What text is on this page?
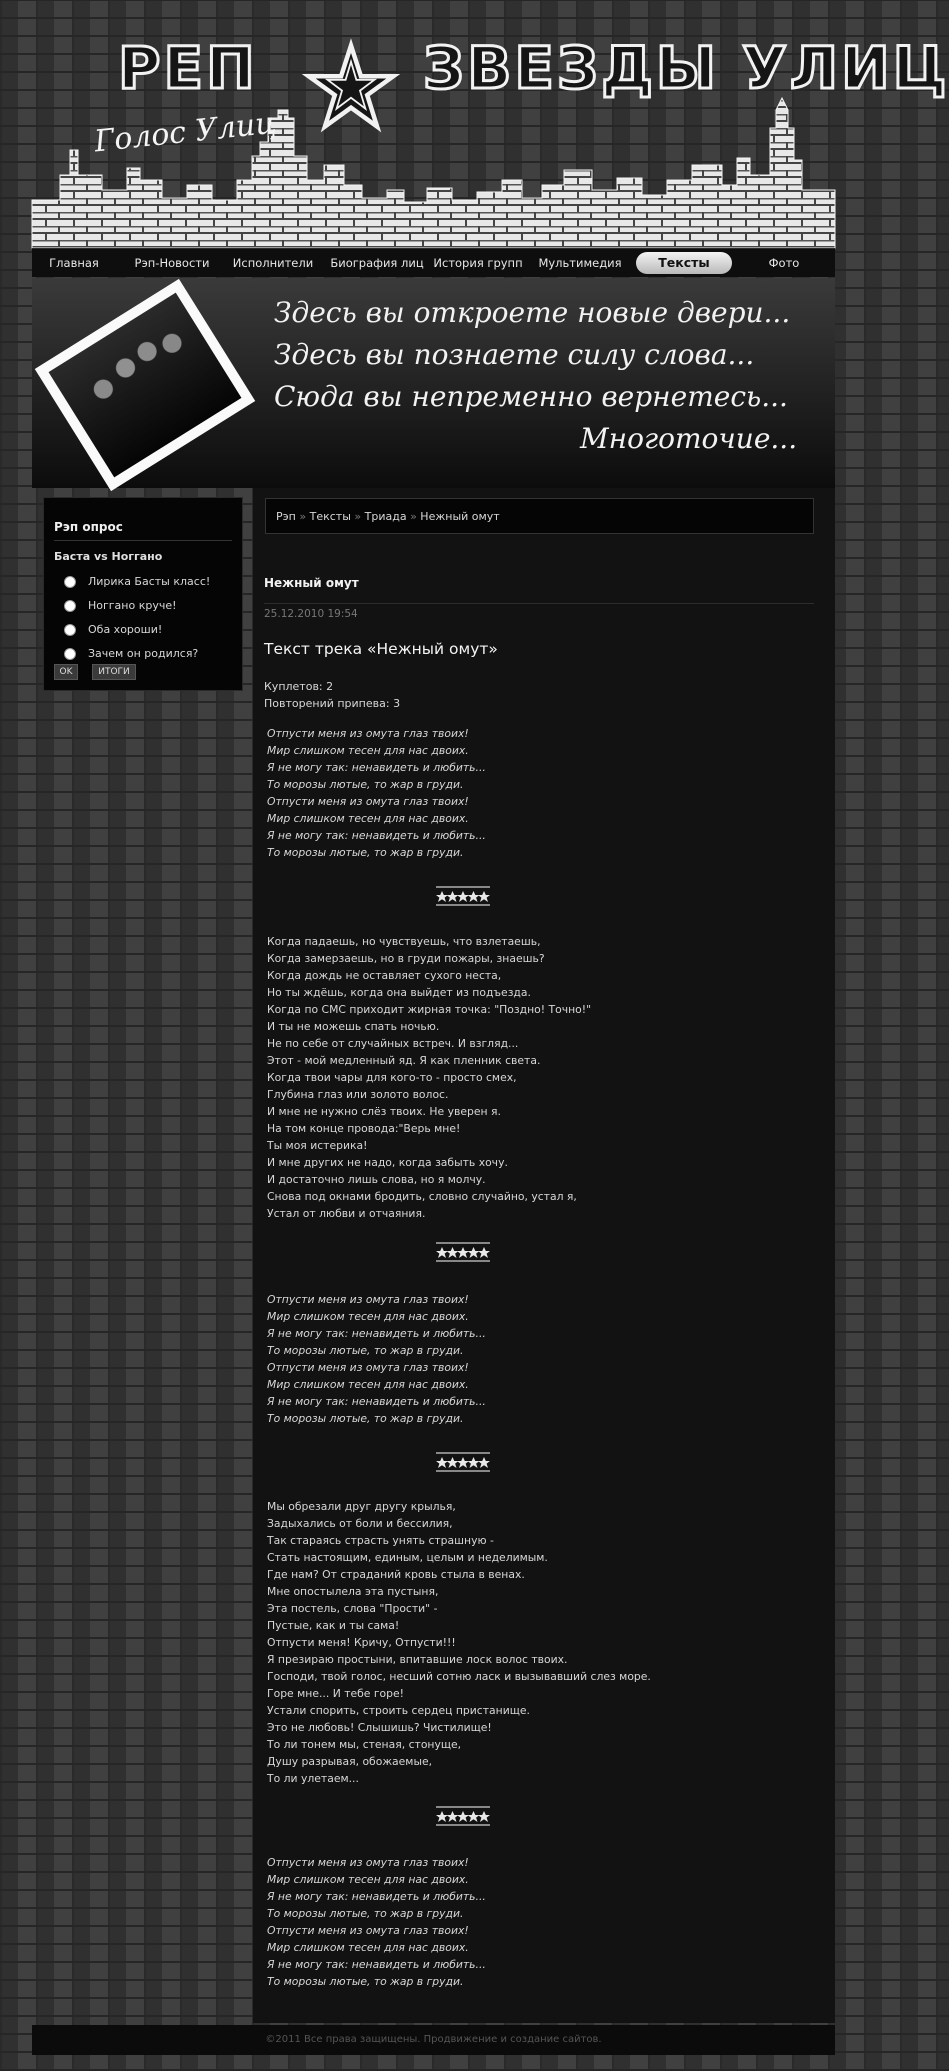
РЕП	ЗВЕЗДЫ УЛИЦ
Голос Улиц
Главная	Рэп-Новости	Исполнители	Биография лиц История групп	Мультимедия	Тексты	Фото
Здесь вы откроете новые двери...
Здесь вы познаете силу слова...
Сюда вы непременно вернетесь...
Многоточие...
Рэп опрос
Баста vs Ноггано
Лирика Басты класс!
Ноггано круче!
Оба хороши!
Зачем он родился?
OK	ИТОГИ
Рэп » Тексты » Триада » Нежный омут
Нежный омут
25.12.2010 19:54
Текст трека «Нежный омут»
Куплетов: 2
Повторений припева: 3
Отпусти меня из омута глаз твоих!
Мир слишком тесен для нас двоих.
Я не могу так: ненавидеть и любить...
То морозы лютые, то жар в груди.
Отпусти меня из омута глаз твоих!
Мир слишком тесен для нас двоих.
Я не могу так: ненавидеть и любить...
То морозы лютые, то жар в груди.
Когда падаешь, но чувствуешь, что взлетаешь,
Когда замерзаешь, но в груди пожары, знаешь?
Когда дождь не оставляет сухого неста,
Но ты ждёшь, когда она выйдет из подъезда.
Когда по СМС приходит жирная точка: "Поздно! Точно!"
И ты не можешь спать ночью.
Не по себе от случайных встреч. И взгляд...
Этот - мой медленный яд. Я как пленник света.
Когда твои чары для кого-то - просто смех,
Глубина глаз или золото волос.
И мне не нужно слёз твоих. Не уверен я.
На том конце провода:"Верь мне!
Ты моя истерика!
И мне других не надо, когда забыть хочу.
И достаточно лишь слова, но я молчу.
Снова под окнами бродить, словно случайно, устал я,
Устал от любви и отчаяния.
Отпусти меня из омута глаз твоих!
Мир слишком тесен для нас двоих.
Я не могу так: ненавидеть и любить...
То морозы лютые, то жар в груди.
Отпусти меня из омута глаз твоих!
Мир слишком тесен для нас двоих.
Я не могу так: ненавидеть и любить...
То морозы лютые, то жар в груди.
Мы обрезали друг другу крылья,
Задыхались от боли и бессилия,
Так стараясь страсть унять страшную -
Стать настоящим, единым, целым и неделимым.
Где нам? От страданий кровь стыла в венах.
Мне опостылела эта пустыня,
Эта постель, слова "Прости" -
Пустые, как и ты сама!
Отпусти меня! Кричу, Отпусти!!!
Я презираю простыни, впитавшие лоск волос твоих.
Господи, твой голос, несший сотню ласк и вызывавший слез море.
Горе мне... И тебе горе!
Устали спорить, строить сердец пристанище.
Это не любовь! Слышишь? Чистилище!
То ли тонем мы, стеная, стонуще,
Душу разрывая, обожаемые,
То ли улетаем...
Отпусти меня из омута глаз твоих!
Мир слишком тесен для нас двоих.
Я не могу так: ненавидеть и любить...
То морозы лютые, то жар в груди.
Отпусти меня из омута глаз твоих!
Мир слишком тесен для нас двоих.
Я не могу так: ненавидеть и любить...
То морозы лютые, то жар в груди.
©2011 Все права защищены. Продвижение и создание сайтов.
